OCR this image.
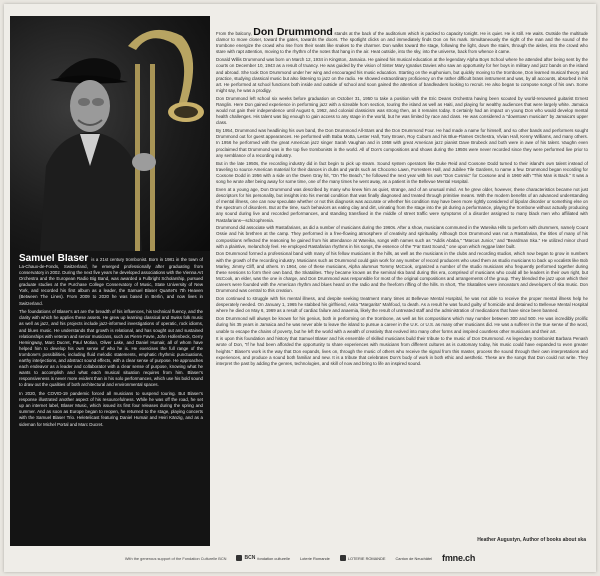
Samuel Blaser is a 21st century trombonist. Born in 1981 in the town of La-Chaux-de-Fonds, Switzerland, he emerged professionally after graduating from conservatory in 2002. During the next five years he developed associations with the Vienna Art Orchestra and the European Radio Big Band, was awarded a Fulbright Scholarship, pursued graduate studies at the Purchase College Conservatory of Music, State University of New York, and recorded his first album as a leader, the Samuel Blaser Quartet's 7th Heaven (Between The Lines). From 2009 to 2020 he was based in Berlin, and now lives in Switzerland.

The foundations of Blaser's art are the breadth of his influences, his technical fluency, and the clarity with which he applies these assets. He grew up learning classical and Swiss folk music as well as jazz, and his projects include jazz-informed investigations of operatic, rock idioms, and blues music. He understands that growth is relational, and has sought out and sustained relationships with veteran and senior musicians, such as Pierre Favre, John Hollenbeck, Gerry Hemingway, Marc Ducret, Paul Motian, Oliver Lake, and Daniel Humair, all of whom have helped him to develop his own sense of who he is. He exercises the full range of the trombone's possibilities, including fluid melodic statements, emphatic rhythmic punctuations, earthy interjections, and abstract sound effects, with a clear sense of purpose. He approaches each endeavor as a leader and collaborator with a clear sense of purpose, knowing what he wants to accomplish and what each musical situation requires from him. Blaser's responsiveness is never more evident than in his solo performances, which use his bold sound to draw out the qualities of both architectural and environmental spaces.

In 2020, the COVID-19 pandemic forced all musicians to suspend touring. But Blaser's response illustrated another aspect of his resourcefulness. While he was off the road, he set up an internet label, Blaser Music, which issued its first four releases during the spring and summer. And as soon as Europe began to reopen, he returned to the stage, playing concerts with the Samuel Blaser Trio. Heletelicast featuring Daniel Humair and Heiri Känzig, and as a sideman for Michel Portal and Marc Ducret.

From the balcony, Don Drummond stands at the back of the auditorium which is packed to capacity tonight. He is quiet. He is still. He waits. Outside the multitude clamor to move closer, toward the gates, towards the doors. The spotlight clicks on and immediately finds Don on his mark. Simultaneously the sight of the man and the sound of the trombone energize the crowd who rise from their seats like snakes to the charmer. Don walks toward the stage, following the light, down the stairs, through the aisles, into the crowd who stare with rapt attention, moving to the rhythm of the notes that hang in the air. Heat outside, into the sky, into the universe, back from whence it came.

Donald Willis Drummond was born on March 12, 1934 in Kingston, Jamaica. He gained his musical education at the legendary Alpha Boys School where he attended after being sent by the courts on December 10, 1943 as a result of truancy. He was guided by the vision of Sister Mary Ignatius Davies who saw an opportunity for her boys in military and jazz bands on the island and abroad. She took Don Drummond under her wing and encouraged his music education. Starting on the euphonium, but quickly moving to the trombone, Don learned musical theory and practice, studying classical music but also listening to jazz on the radio. He showed extraordinary proficiency on the rather difficult brass instrument and was, by all accounts, absorbed in his art. He performed at school functions both inside and outside of school and soon gained the attention of bandleaders looking to recruit. He also began to compose songs of his own. Some might say, he was a prodigy.

Don Drummond left school six weeks before graduation on October 31, 1950 to take a position with the Eric Deans Orchestra having been scouted by world-renowned guitarist Ernest Ranglin. Here Don gained experience in performing jazz with a sizeable horn section, touring the island as well as Haiti, and playing for wealthy audiences that were largely white. Jamaica would not gain their independence until August 6, 1962, and colonial classicism was strong then, as it remains today. It certainly had an impact on young Don who would develop mental health challenges. His talent was big enough to gain access to any stage in the world, but he was limited by race and class. He was considered a "downtown musician" by Jamaica's upper class.

By 1954, Drummond was headlining his own band, the Don Drummond All-Stars and the Don Drummond Four. He had made a name for himself, and so other bands and performers sought Drummond out for guest appearances. He performed with Baba Motta, Lester Hall, Tony Brown, Roy Coburn and his Blue-Flames Orchestra, Vivian Hall, Kenny Williams, and many others. In 1956 he performed with the great American jazz singer Sarah Vaughan and in 1958 with great American jazz pianist Dave Brubeck and both were in awe of his talent. Vaughn even proclaimed that Drummond was in the top five trombonists in the world. All of Don's compositions and shows during the 1950s were never recorded since they were performed live prior to any semblance of a recording industry.

But in the late 1950s, the recording industry did in fact begin to pick up steam. Sound system operators like Duke Reid and Coxsone Dodd turned to their island's own talent instead of traveling to source American material for their dances in clubs and yards such as Chocomo Lawn, Forresters Hall, and Jubilee Tile Gardens, to name a few. Drummond began recording for Coxsone Dodd in 1956 with a side on the Owen Gray hit, "On The Beach," he followed the next year with his own "Don Cosmic" for Coxsone and in 1960 with "This Man is Back." It was a song he wrote after being away for some time, one of the many times he went away, as a patient in the Bellevue Mental Hospital.

Even at a young age, Don Drummond was described by many who knew him as quiet, strange, and of an unusual mind. As he grew older, however, these characteristics became not just descriptors for his personality, but insights into his mental condition that was finally diagnosed and treated through primitive means. With the modern benefits of an advanced understanding of mental illness, one can now speculate whether or not this diagnosis was accurate or whether his condition may have been more rightly considered of bipolar disorder or something else on the spectrum of disorders. But at the time, such behaviors as eating clay and dirt, urinating from the stage into the pit during a performance, playing the trombone without actually producing any sound during live and recorded performances, and standing transfixed in the middle of street traffic were symptoms of a disorder assigned to many black men who affiliated with Rastafarians—schizophrenia.

Drummond did associate with Rastafarians, as did a number of musicians during the 1960s. After a show, musicians communed in the Wareika Hills to perform with drummers, namely Count Ossie and his brethren at the camp. They performed in a free-flowing atmosphere of creativity and spirituality. Although Don Drummond was not a Rastafarian, the titles of many of his compositions reflected the reasoning he gained from his attendance at Wareika, songs with names such as "Addis Ababa," "Marcus Junior," and "Beardman Ska." He utilized minor chord with a plaintive, melancholy feel. He employed Rastafarian rhythms in his songs, the essence of the "Far East Sound," one upon which reggae later built.

Don Drummond formed a professional band with many of his fellow musicians in the hills, as well as the musicians in the clubs and recording studios, which now began to grow in numbers with the growth of the recording industry. Musicians such as Drummond could gain work for any number of record producers who used them as studio musicians to back up vocalists like Bob Marley, Jimmy Cliff, and others. In 1964, one of these musicians, Alpha alumnus Tommy McCook, organized a number of the studio musicians who frequently performed together during these sessions to form their own band, the Skatalites. They became known as the seminal ska band during this era, comprised of musicians who could all be leaders in their own right, but McCook, an elder, was the one in charge, and Don Drummond was responsible for most of the original compositions and arrangements of the group. They blended the jazz upon which their careers were founded with the American rhythm and blues heard on the radio and the freeform riffing of the hills. In short, The Skatalites were innovators and developers of ska music. Don Drummond was central to this creation.

Don continued to struggle with his mental illness, and despite seeking treatment many times at Bellevue Mental Hospital, he was not able to receive the proper mental illness help he desperately needed. On January 1, 1965 he stabbed his girlfriend, Anita "Margarita" Mahfood, to death. As a result he was found guilty of homicide and detained to Bellevue Mental Hospital where he died on May 6, 1969 as a result of cardiac failure and anaemia, likely the result of untreated staff and the administration of medications that have since been banned.

Don Drummond will always be known for his genius, both in performing on the trombone, as well as his compositions which may number between 300 and 500. He was incredibly prolific during his 35 years in Jamaica and he was never able to leave the island to pursue a career in the U.K. or U.S. as many other musicians did. He was a sufferer in the true sense of the word, unable to escape the chains of poverty, but he left the world with a wealth of creativity that evolved into many other forms and inspired countless other musicians and their art.

It is upon this foundation and history that Samuel Blaser and his ensemble of skilled musicians build their tribute to the music of Don Drummond. As legendary trombonist Barbara Penash wrote of Don, "If he had been afforded the opportunity to share experiences with musicians from different cultures as is customary today, his music could have expanded to even greater heights." Blaser's work is the way that Don expands, lives on, through the music of others who receive the signal from this master, process the sound through their own interpretations and experiences, and produce a sound both familiar and new. It is a tribute that celebrates Don's body of work in both ethic and aesthetic. These are the songs that Don could not write. They interpret the past by adding the genres, technologies, and skill of now and bring to life an inspired sound.

Heather Augustyn, Author of books about ska
With the generous support of the Fondation Culturelle BCN	BCN fondation culturelle	Loterie Romande	LOTERIE ROMANDE	Canton de Neuchâtel fmne.ch
